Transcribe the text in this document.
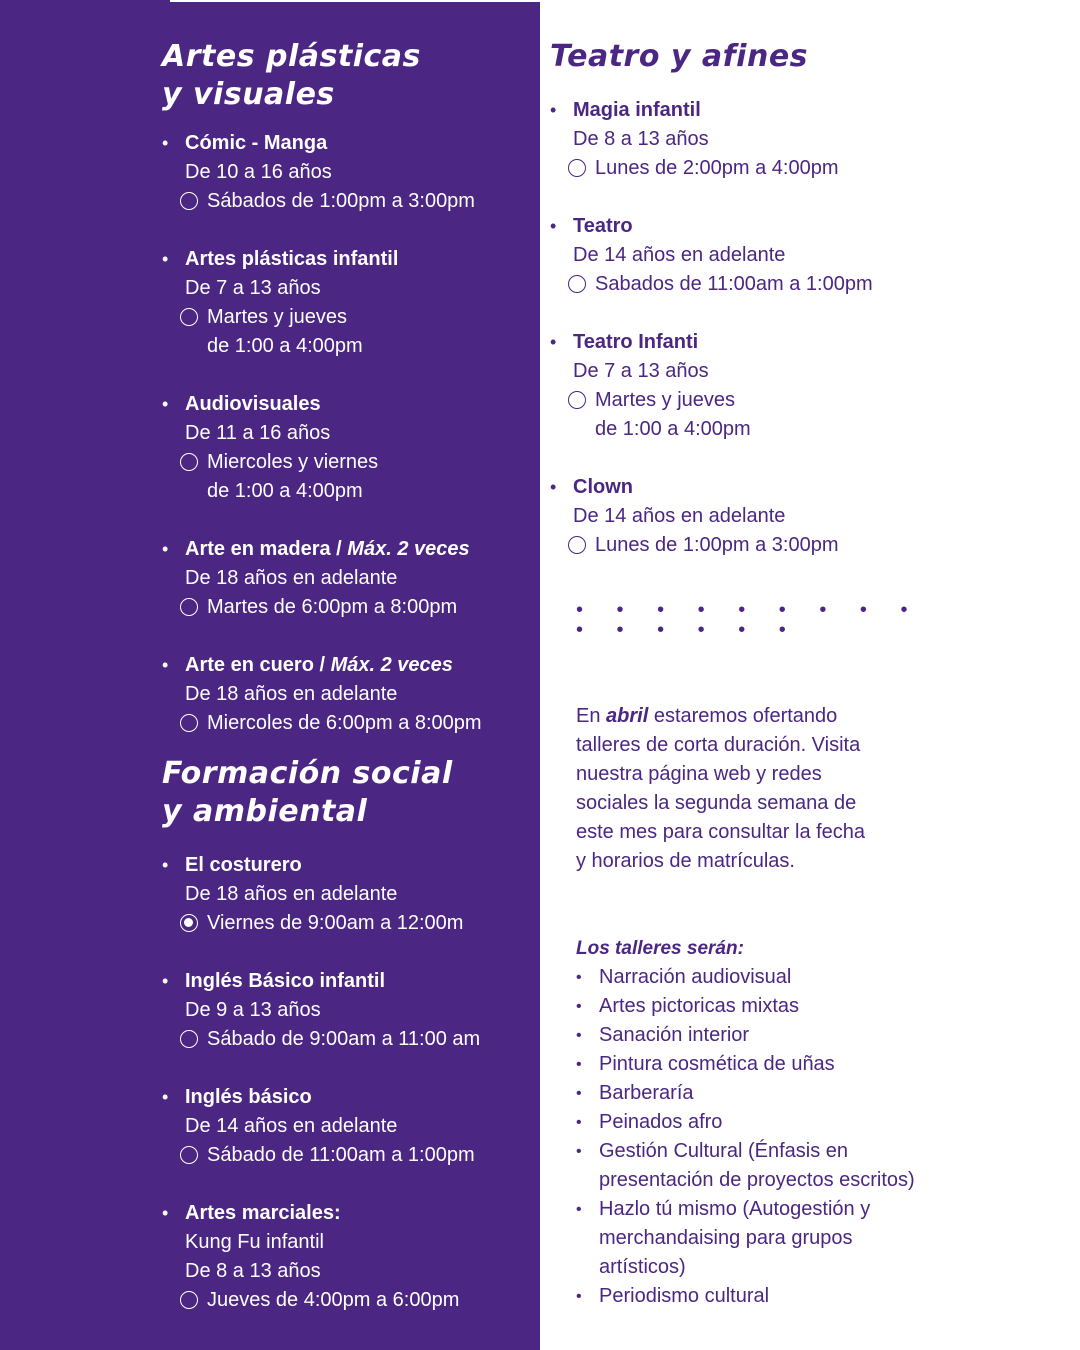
Artes plásticas
y visuales
• Cómic - Manga
De 10 a 16 años
Sábados de 1:00pm a 3:00pm
• Artes plásticas infantil
De 7 a 13 años
Martes y jueves
de 1:00 a 4:00pm
• Audiovisuales
De 11 a 16 años
Miercoles y viernes
de 1:00 a 4:00pm
• Arte en madera / Máx. 2 veces
De 18 años en adelante
Martes de 6:00pm a 8:00pm
• Arte en cuero / Máx. 2 veces
De 18 años en adelante
Miercoles de 6:00pm a 8:00pm
Formación social
y ambiental
• El costurero
De 18 años en adelante
Viernes de 9:00am a 12:00m
• Inglés Básico infantil
De 9 a 13 años
Sábado de 9:00am a 11:00 am
• Inglés básico
De 14 años en adelante
Sábado de 11:00am a 1:00pm
• Artes marciales:
Kung Fu infantil
De 8 a 13 años
Jueves de 4:00pm a 6:00pm
Teatro y afines
• Magia infantil
De 8 a 13 años
Lunes de 2:00pm a 4:00pm
• Teatro
De 14 años en adelante
Sabados de 11:00am a 1:00pm
• Teatro Infanti
De 7 a 13 años
Martes y jueves
de 1:00 a 4:00pm
• Clown
De 14 años en adelante
Lunes de 1:00pm a 3:00pm
• • • • • • • • • • • • • • •
En abril estaremos ofertando
talleres de corta duración. Visita
nuestra página web y redes
sociales la segunda semana de
este mes para consultar la fecha
y horarios de matrículas.
Los talleres serán:
• Narración audiovisual
• Artes pictoricas mixtas
• Sanación interior
• Pintura cosmética de uñas
• Barberaría
• Peinados afro
• Gestión Cultural (Énfasis en presentación de proyectos escritos)
• Hazlo tú mismo (Autogestión y merchandaising para grupos artísticos)
• Periodismo cultural
